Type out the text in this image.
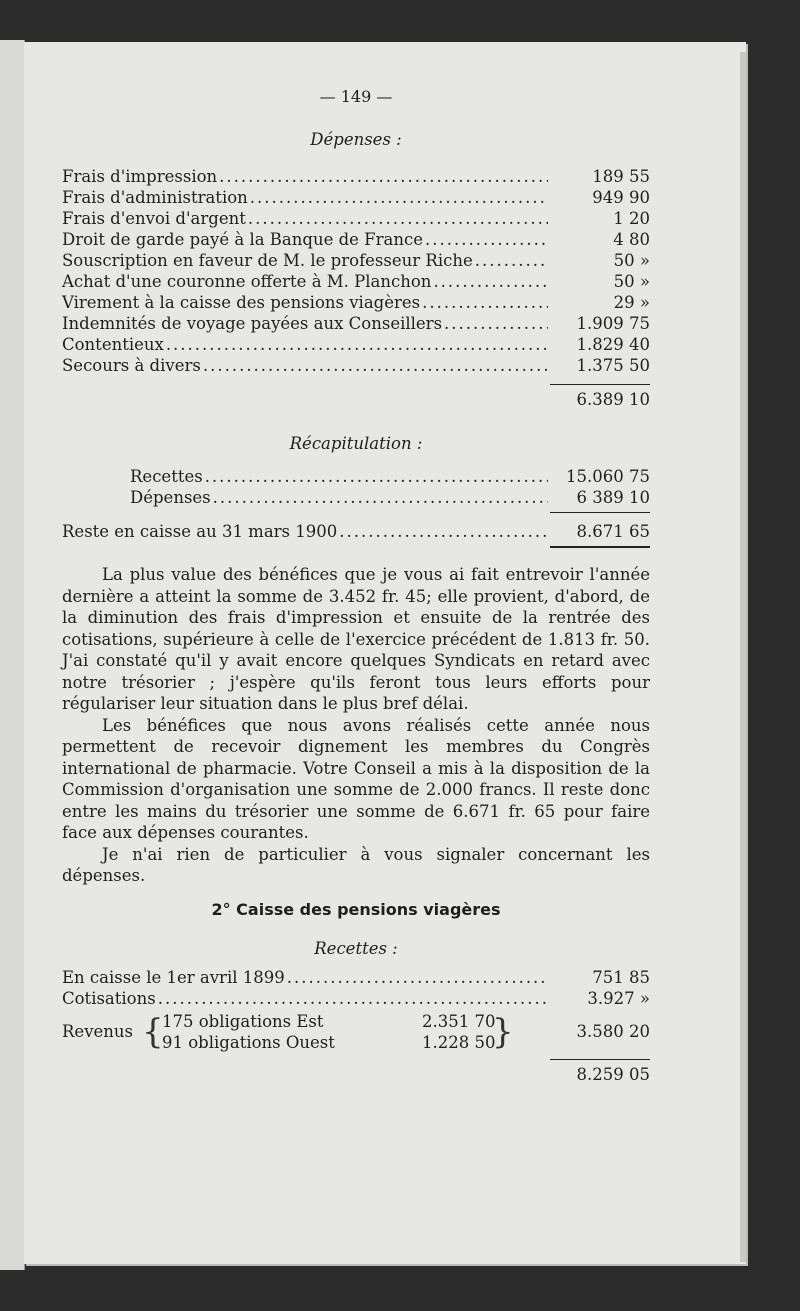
— 149 —
Dépenses :
Frais d'impression .....	189 55
Frais d'administration .....	949 90
Frais d'envoi d'argent .....	1 20
Droit de garde payé à la Banque de France .....	4 80
Souscription en faveur de M. le professeur Riche .....	50 »
Achat d'une couronne offerte à M. Planchon .....	50 »
Virement à la caisse des pensions viagères .....	29 »
Indemnités de voyage payées aux Conseillers .....	1.909 75
Contentieux .....	1.829 40
Secours à divers .....	1.375 50
6.389 10
Récapitulation :
Recettes .....	15.060 75
Dépenses .....	6 389 10
Reste en caisse au 31 mars 1900 .....	8.671 65

La plus value des bénéfices que je vous ai fait entrevoir l'année dernière a atteint la somme de 3.452 fr. 45; elle provient, d'abord, de la diminution des frais d'impression et ensuite de la rentrée des cotisations, supérieure à celle de l'exercice précédent de 1.813 fr. 50. J'ai constaté qu'il y avait encore quelques Syndicats en retard avec notre trésorier ; j'espère qu'ils feront tous leurs efforts pour régulariser leur situation dans le plus bref délai.

Les bénéfices que nous avons réalisés cette année nous permettent de recevoir dignement les membres du Congrès international de pharmacie. Votre Conseil a mis à la disposition de la Commission d'organisation une somme de 2.000 francs. Il reste donc entre les mains du trésorier une somme de 6.671 fr. 65 pour faire face aux dépenses courantes.

Je n'ai rien de particulier à vous signaler concernant les dépenses.

2° Caisse des pensions viagères
Recettes :
En caisse le 1er avril 1899 .....	751 85
Cotisations .....	3.927 »
Revenus {
175 obligations Est	2.351 70
91 obligations Ouest	1.228 50
}	3.580 20
8.259 05
